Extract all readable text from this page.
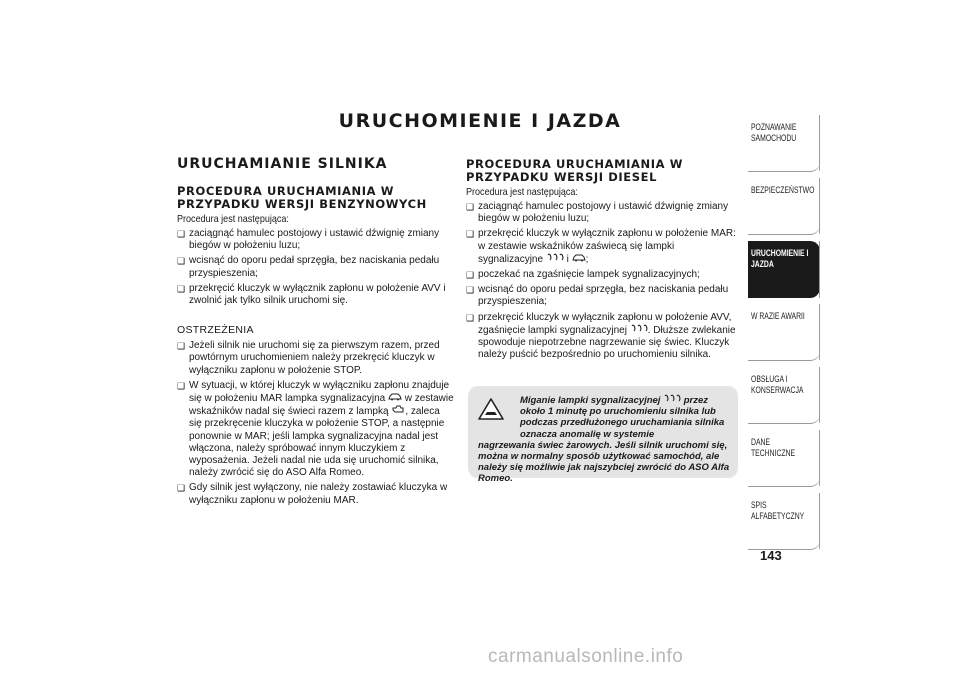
URUCHOMIENIE I JAZDA
URUCHAMIANIE SILNIKA
PROCEDURA URUCHAMIANIA W PRZYPADKU WERSJI BENZYNOWYCH

Procedura jest następująca:

❑ zaciągnąć hamulec postojowy i ustawić dźwignię zmiany biegów w położeniu luzu;
❑ wcisnąć do oporu pedał sprzęgła, bez naciskania pedału przyspieszenia;
❑ przekręcić kluczyk w wyłącznik zapłonu w położenie AVV i zwolnić jak tylko silnik uruchomi się.

OSTRZEŻENIA

❑ Jeżeli silnik nie uruchomi się za pierwszym razem, przed powtórnym uruchomieniem należy przekręcić kluczyk w wyłączniku zapłonu w położenie STOP.
❑ W sytuacji, w której kluczyk w wyłączniku zapłonu znajduje się w położeniu MAR lampka sygnalizacyjna w zestawie wskaźników nadal się świeci razem z lampką , zaleca się przekręcenie kluczyka w położenie STOP, a następnie ponownie w MAR; jeśli lampka sygnalizacyjna nadal jest włączona, należy spróbować innym kluczykiem z wyposażenia. Jeżeli nadal nie uda się uruchomić silnika, należy zwrócić się do ASO Alfa Romeo.
❑ Gdy silnik jest wyłączony, nie należy zostawiać kluczyka w wyłączniku zapłonu w położeniu MAR.
PROCEDURA URUCHAMIANIA W PRZYPADKU WERSJI DIESEL

Procedura jest następująca:

❑ zaciągnąć hamulec postojowy i ustawić dźwignię zmiany biegów w położeniu luzu;
❑ przekręcić kluczyk w wyłącznik zapłonu w położenie MAR: w zestawie wskaźników zaświecą się lampki sygnalizacyjne i ;
❑ poczekać na zgaśnięcie lampek sygnalizacyjnych;
❑ wcisnąć do oporu pedał sprzęgła, bez naciskania pedału przyspieszenia;
❑ przekręcić kluczyk w wyłącznik zapłonu w położenie AVV, zgaśnięcie lampki sygnalizacyjnej . Dłuższe zwlekanie spowoduje niepotrzebne nagrzewanie się świec. Kluczyk należy puścić bezpośrednio po uruchomieniu silnika.
Miganie lampki sygnalizacyjnej przez około 1 minutę po uruchomieniu silnika lub podczas przedłużonego uruchamiania silnika oznacza anomalię w systemie
nagrzewania świec żarowych. Jeśli silnik uruchomi się, można w normalny sposób użytkować samochód, ale należy się możliwie jak najszybciej zwrócić do ASO Alfa Romeo.
POZNAWANIE
SAMOCHODU
BEZPIECZEŃSTWO
URUCHOMIENIE I
JAZDA
W RAZIE AWARII
OBSŁUGA I
KONSERWACJA
DANE TECHNICZNE
SPIS ALFABETYCZNY
143
carmanualsonline.info
